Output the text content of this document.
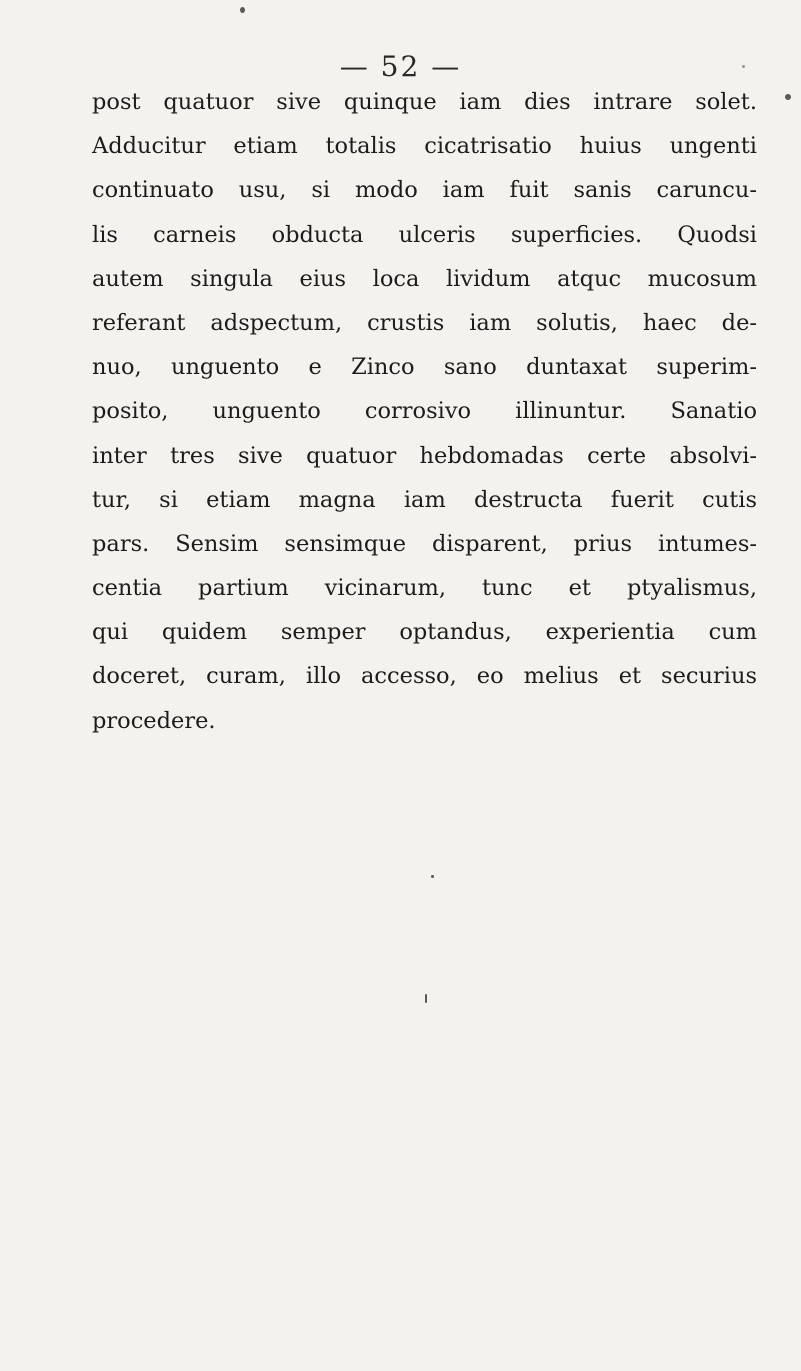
— 52 —
post quatuor sive quinque iam dies intrare solet.
Adducitur etiam totalis cicatrisatio huius ungenti
continuato usu, si modo iam fuit sanis caruncu-
lis carneis obducta ulceris superficies. Quodsi
autem singula eius loca lividum atquc mucosum
referant adspectum, crustis iam solutis, haec de-
nuo, unguento e Zinco sano duntaxat superim-
posito, unguento corrosivo illinuntur. Sanatio
inter tres sive quatuor hebdomadas certe absolvi-
tur, si etiam magna iam destructa fuerit cutis
pars. Sensim sensimque disparent, prius intumes-
centia partium vicinarum, tunc et ptyalismus,
qui quidem semper optandus, experientia cum
doceret, curam, illo accesso, eo melius et securius
procedere.
